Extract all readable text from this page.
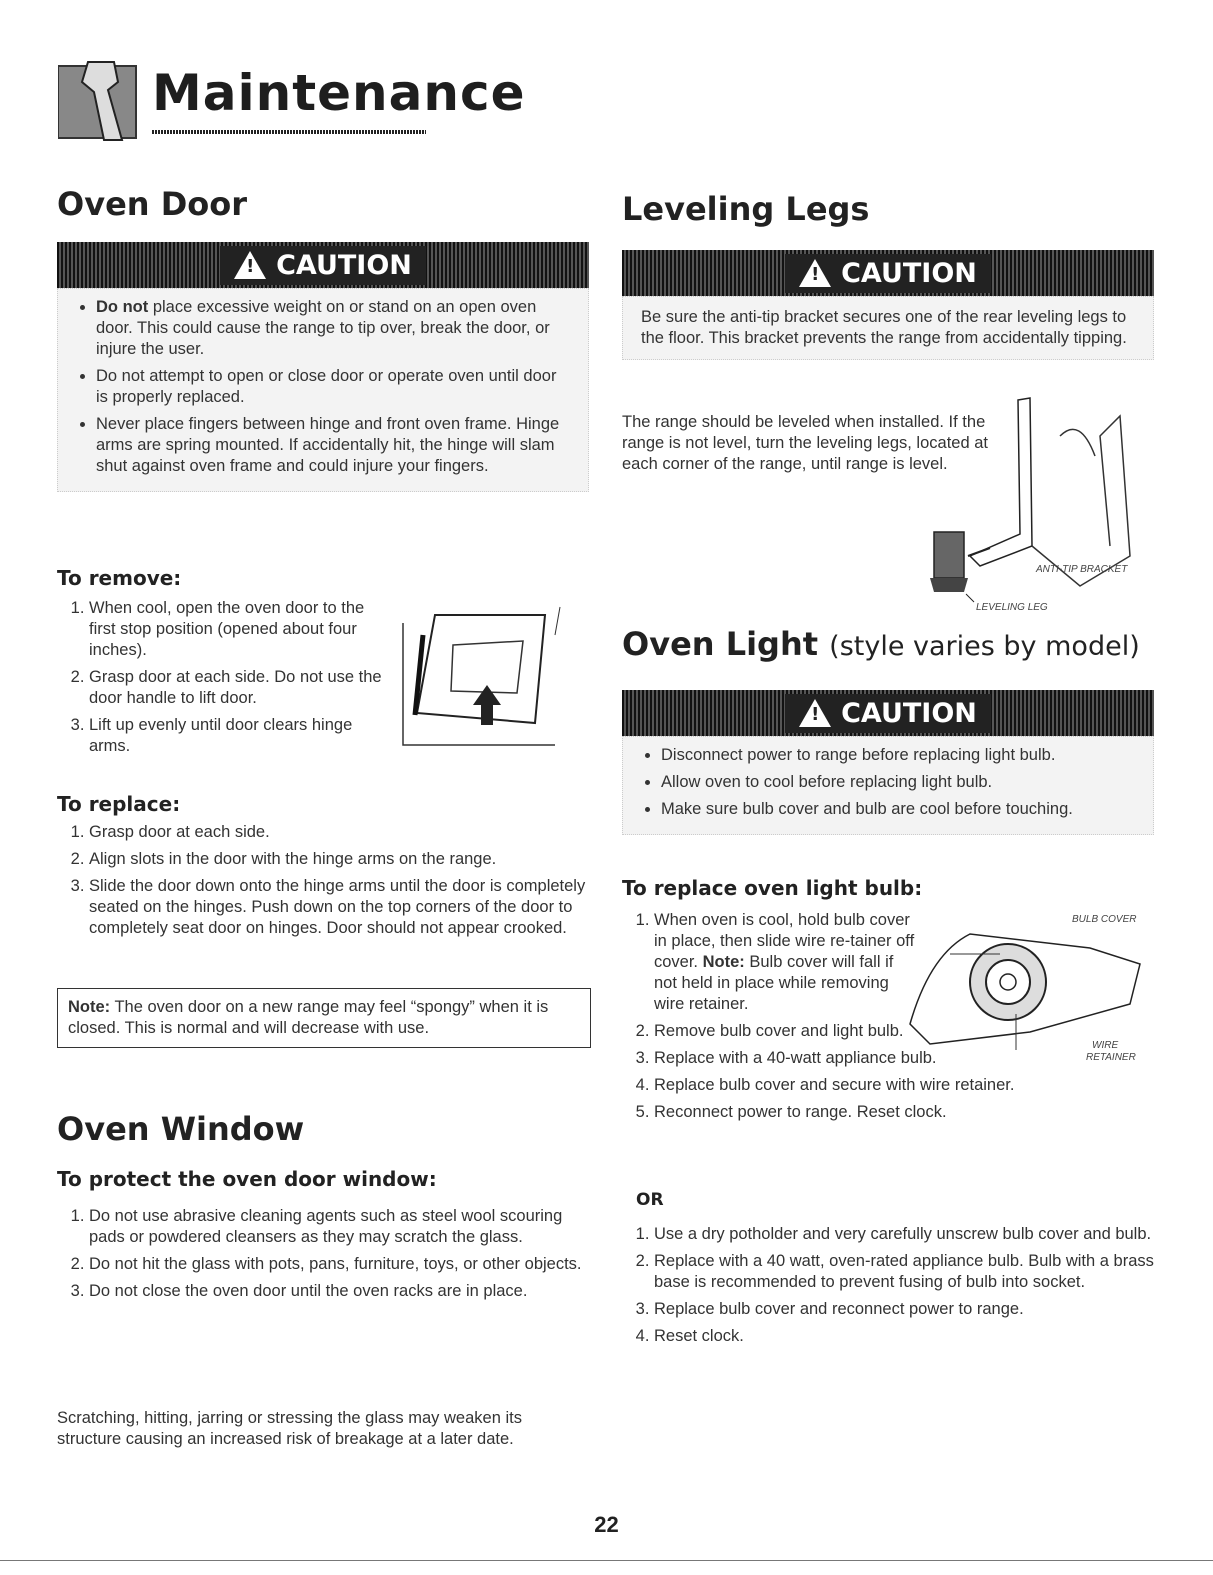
Maintenance
Oven Door
!
CAUTION
• Do not place excessive weight on or stand on an open oven door. This could cause the range to tip over, break the door, or injure the user.
• Do not attempt to open or close door or operate oven until door is properly replaced.
• Never place fingers between hinge and front oven frame. Hinge arms are spring mounted. If accidentally hit, the hinge will slam shut against oven frame and could injure your fingers.
To remove:
1. When cool, open the oven door to the first stop position (opened about four inches).
2. Grasp door at each side. Do not use the door handle to lift door.
3. Lift up evenly until door clears hinge arms.
To replace:
1. Grasp door at each side.
2. Align slots in the door with the hinge arms on the range.
3. Slide the door down onto the hinge arms until the door is completely seated on the hinges. Push down on the top corners of the door to completely seat door on hinges. Door should not appear crooked.
Note: The oven door on a new range may feel “spongy” when it is closed. This is normal and will decrease with use.
Oven Window
To protect the oven door window:
1. Do not use abrasive cleaning agents such as steel wool scouring pads or powdered cleansers as they may scratch the glass.
2. Do not hit the glass with pots, pans, furniture, toys, or other objects.
3. Do not close the oven door until the oven racks are in place.

Scratching, hitting, jarring or stressing the glass may weaken its structure causing an increased risk of breakage at a later date.

Leveling Legs
!
CAUTION

Be sure the anti-tip bracket secures one of the rear leveling legs to the floor. This bracket prevents the range from accidentally tipping.

The range should be leveled when installed. If the range is not level, turn the leveling legs, located at each corner of the range, until range is level.

ANTI-TIP BRACKET
LEVELING LEG
Oven Light (style varies by model)
!
CAUTION
• Disconnect power to range before replacing light bulb.
• Allow oven to cool before replacing light bulb.
• Make sure bulb cover and bulb are cool before touching.
To replace oven light bulb:
1. When oven is cool, hold bulb cover in place, then slide wire re-tainer off cover. Note: Bulb cover will fall if not held in place while removing wire retainer.
2. Remove bulb cover and light bulb.
3. Replace with a 40-watt appliance bulb.
4. Replace bulb cover and secure with wire retainer.
5. Reconnect power to range. Reset clock.
BULB COVER
WIRE
RETAINER
OR
1. Use a dry potholder and very carefully unscrew bulb cover and bulb.
2. Replace with a 40 watt, oven-rated appliance bulb. Bulb with a brass base is recommended to prevent fusing of bulb into socket.
3. Replace bulb cover and reconnect power to range.
4. Reset clock.
22
